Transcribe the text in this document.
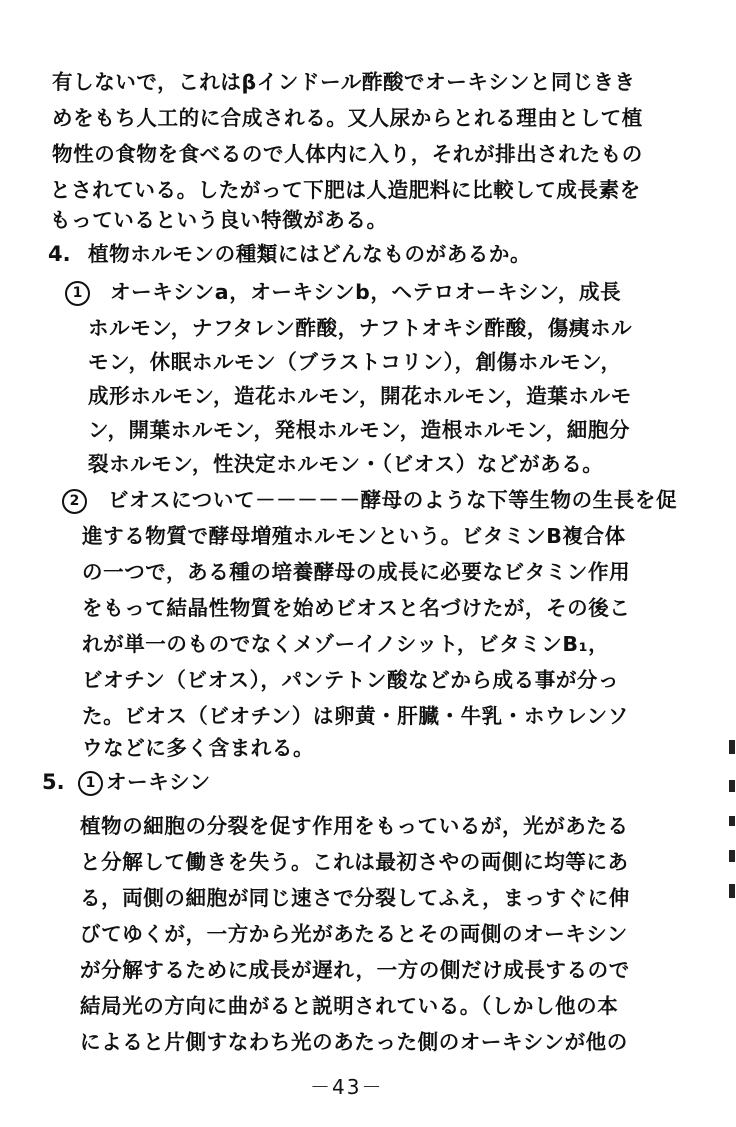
有しないで，これはβインドール酢酸でオーキシンと同じきき
めをもち人工的に合成される。又人尿からとれる理由として植
物性の食物を食べるので人体内に入り，それが排出されたもの
とされている。したがって下肥は人造肥料に比較して成長素を
もっているという良い特徴がある。
4. 植物ホルモンの種類にはどんなものがあるか。
1	オーキシンa，オーキシンb，ヘテロオーキシン，成長
ホルモン，ナフタレン酢酸，ナフトオキシ酢酸，傷痍ホル
モン，休眠ホルモン（ブラストコリン），創傷ホルモン，
成形ホルモン，造花ホルモン，開花ホルモン，造葉ホルモ
ン，開葉ホルモン，発根ホルモン，造根ホルモン，細胞分
裂ホルモン，性決定ホルモン・（ビオス）などがある。
2	ビオスについて－－－－－酵母のような下等生物の生長を促
進する物質で酵母増殖ホルモンという。ビタミンB複合体
の一つで，ある種の培養酵母の成長に必要なビタミン作用
をもって結晶性物質を始めビオスと名づけたが，その後こ
れが単一のものでなくメゾーイノシット，ビタミンB₁，
ビオチン（ビオス），パンテトン酸などから成る事が分っ
た。ビオス（ビオチン）は卵黄・肝臓・牛乳・ホウレンソ
ウなどに多く含まれる。
5.	1 オーキシン
植物の細胞の分裂を促す作用をもっているが，光があたる
と分解して働きを失う。これは最初さやの両側に均等にあ
る，両側の細胞が同じ速さで分裂してふえ，まっすぐに伸
びてゆくが，一方から光があたるとその両側のオーキシン
が分解するために成長が遅れ，一方の側だけ成長するので
結局光の方向に曲がると説明されている。（しかし他の本
によると片側すなわち光のあたった側のオーキシンが他の
－43－
